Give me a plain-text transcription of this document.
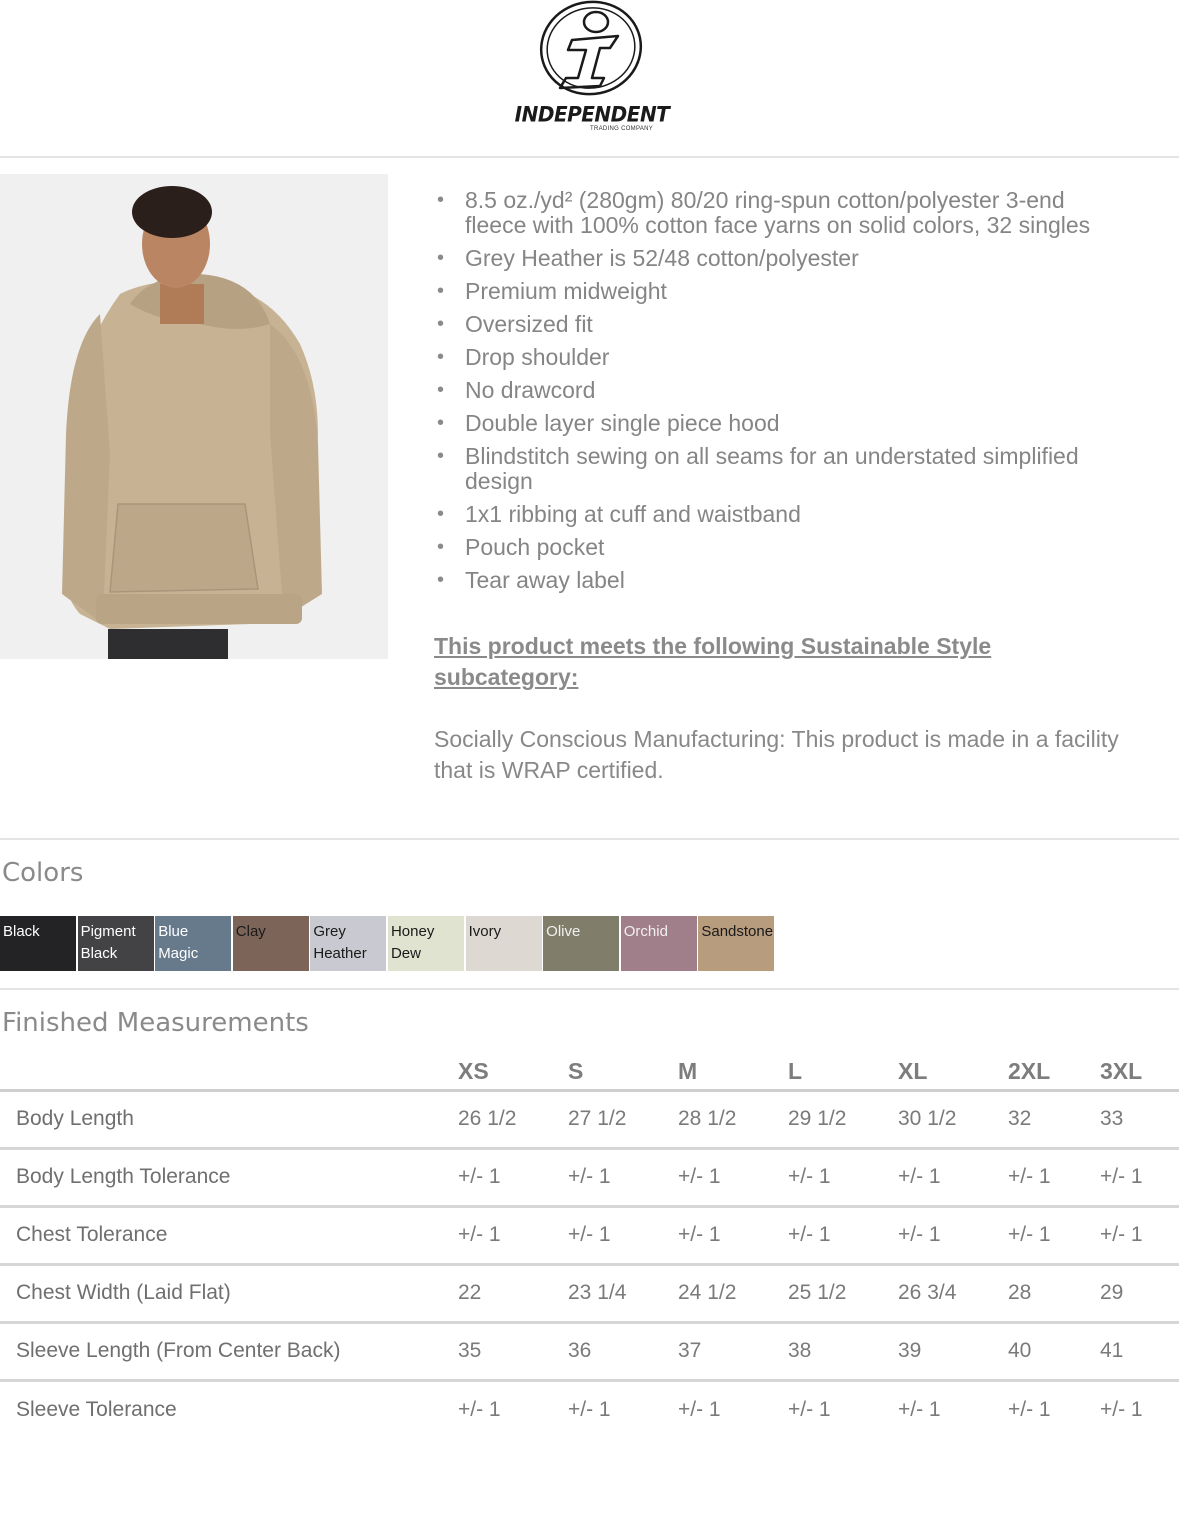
INDEPENDENT
TRADING COMPANY
• 8.5 oz./yd² (280gm) 80/20 ring-spun cotton/polyester 3-end fleece with 100% cotton face yarns on solid colors, 32 singles
• Grey Heather is 52/48 cotton/polyester
• Premium midweight
• Oversized fit
• Drop shoulder
• No drawcord
• Double layer single piece hood
• Blindstitch sewing on all seams for an understated simplified design
• 1x1 ribbing at cuff and waistband
• Pouch pocket
• Tear away label
This product meets the following Sustainable Style subcategory:
Socially Conscious Manufacturing: This product is made in a facility that is WRAP certified.
Colors
Black	Pigment Black
Blue Magic
Clay	Grey Heather
Honey Dew
Ivory	Olive	Orchid	Sandstone
Finished Measurements
	XS	S	M	L	XL	2XL	3XL
Body Length	26 1/2	27 1/2	28 1/2	29 1/2	30 1/2	32	33
Body Length Tolerance	+/- 1	+/- 1	+/- 1	+/- 1	+/- 1	+/- 1	+/- 1
Chest Tolerance	+/- 1	+/- 1	+/- 1	+/- 1	+/- 1	+/- 1	+/- 1
Chest Width (Laid Flat)	22	23 1/4	24 1/2	25 1/2	26 3/4	28	29
Sleeve Length (From Center Back)	35	36	37	38	39	40	41
Sleeve Tolerance	+/- 1	+/- 1	+/- 1	+/- 1	+/- 1	+/- 1	+/- 1
